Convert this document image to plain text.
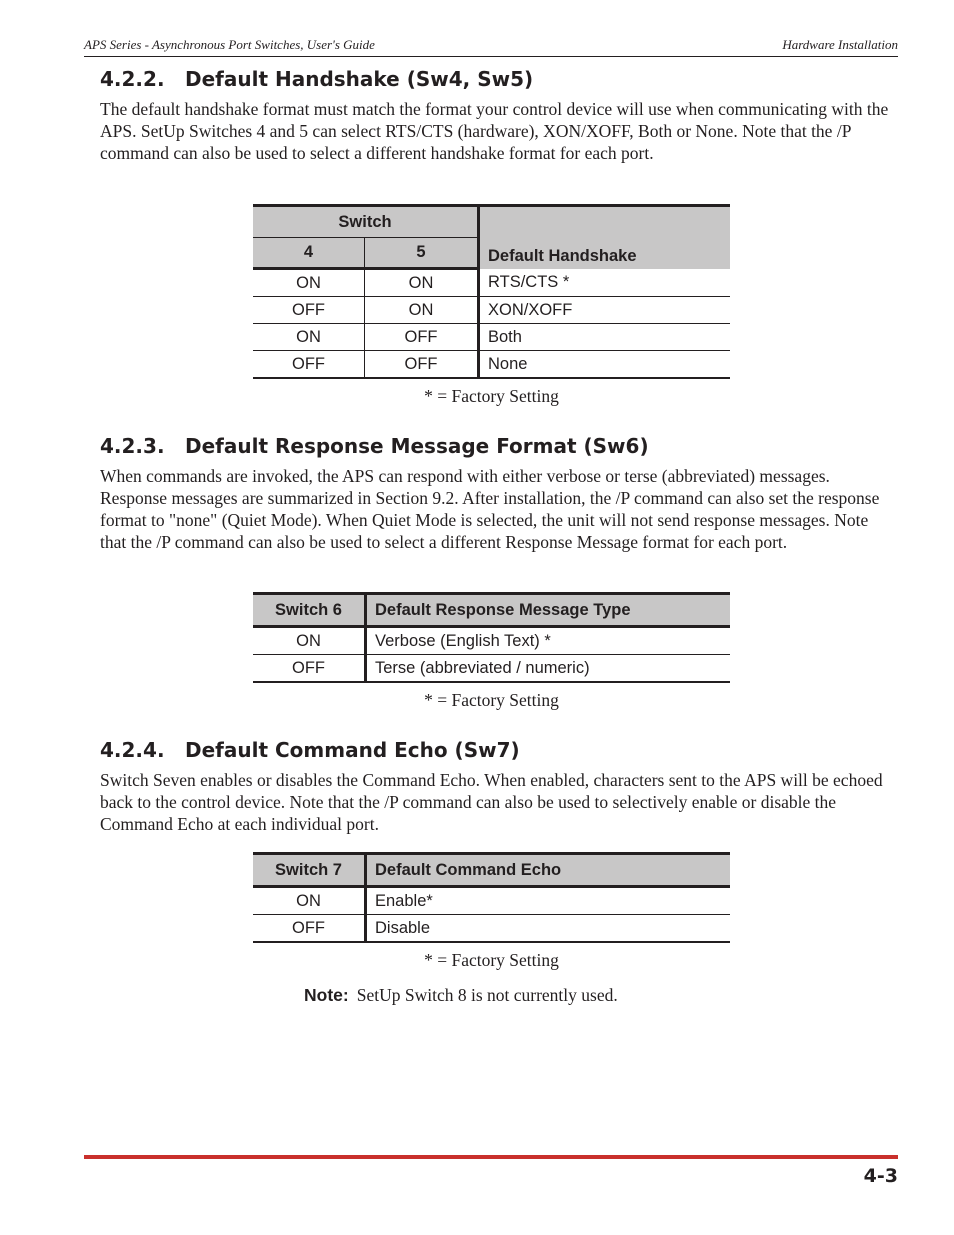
APS Series - Asynchronous Port Switches, User's Guide	Hardware Installation
4.2.2. Default Handshake (Sw4, Sw5)

The default handshake format must match the format your control device will use when communicating with the APS. SetUp Switches 4 and 5 can select RTS/CTS (hardware), XON/XOFF, Both or None. Note that the /P command can also be used to select a different handshake format for each port.

Switch		Default Handshake
4	5	
ON	ON	RTS/CTS *
OFF	ON	XON/XOFF
ON	OFF	Both
OFF	OFF	None
* = Factory Setting
4.2.3. Default Response Message Format (Sw6)

When commands are invoked, the APS can respond with either verbose or terse (abbreviated) messages. Response messages are summarized in Section 9.2. After installation, the /P command can also set the response format to "none" (Quiet Mode). When Quiet Mode is selected, the unit will not send response messages. Note that the /P command can also be used to select a different Response Message format for each port.

Switch 6	Default Response Message Type
ON	Verbose (English Text) *
OFF	Terse (abbreviated / numeric)
* = Factory Setting
4.2.4. Default Command Echo (Sw7)

Switch Seven enables or disables the Command Echo. When enabled, characters sent to the APS will be echoed back to the control device. Note that the /P command can also be used to selectively enable or disable the Command Echo at each individual port.

Switch 7	Default Command Echo
ON	Enable*
OFF	Disable
* = Factory Setting
Note: SetUp Switch 8 is not currently used.
4-3
